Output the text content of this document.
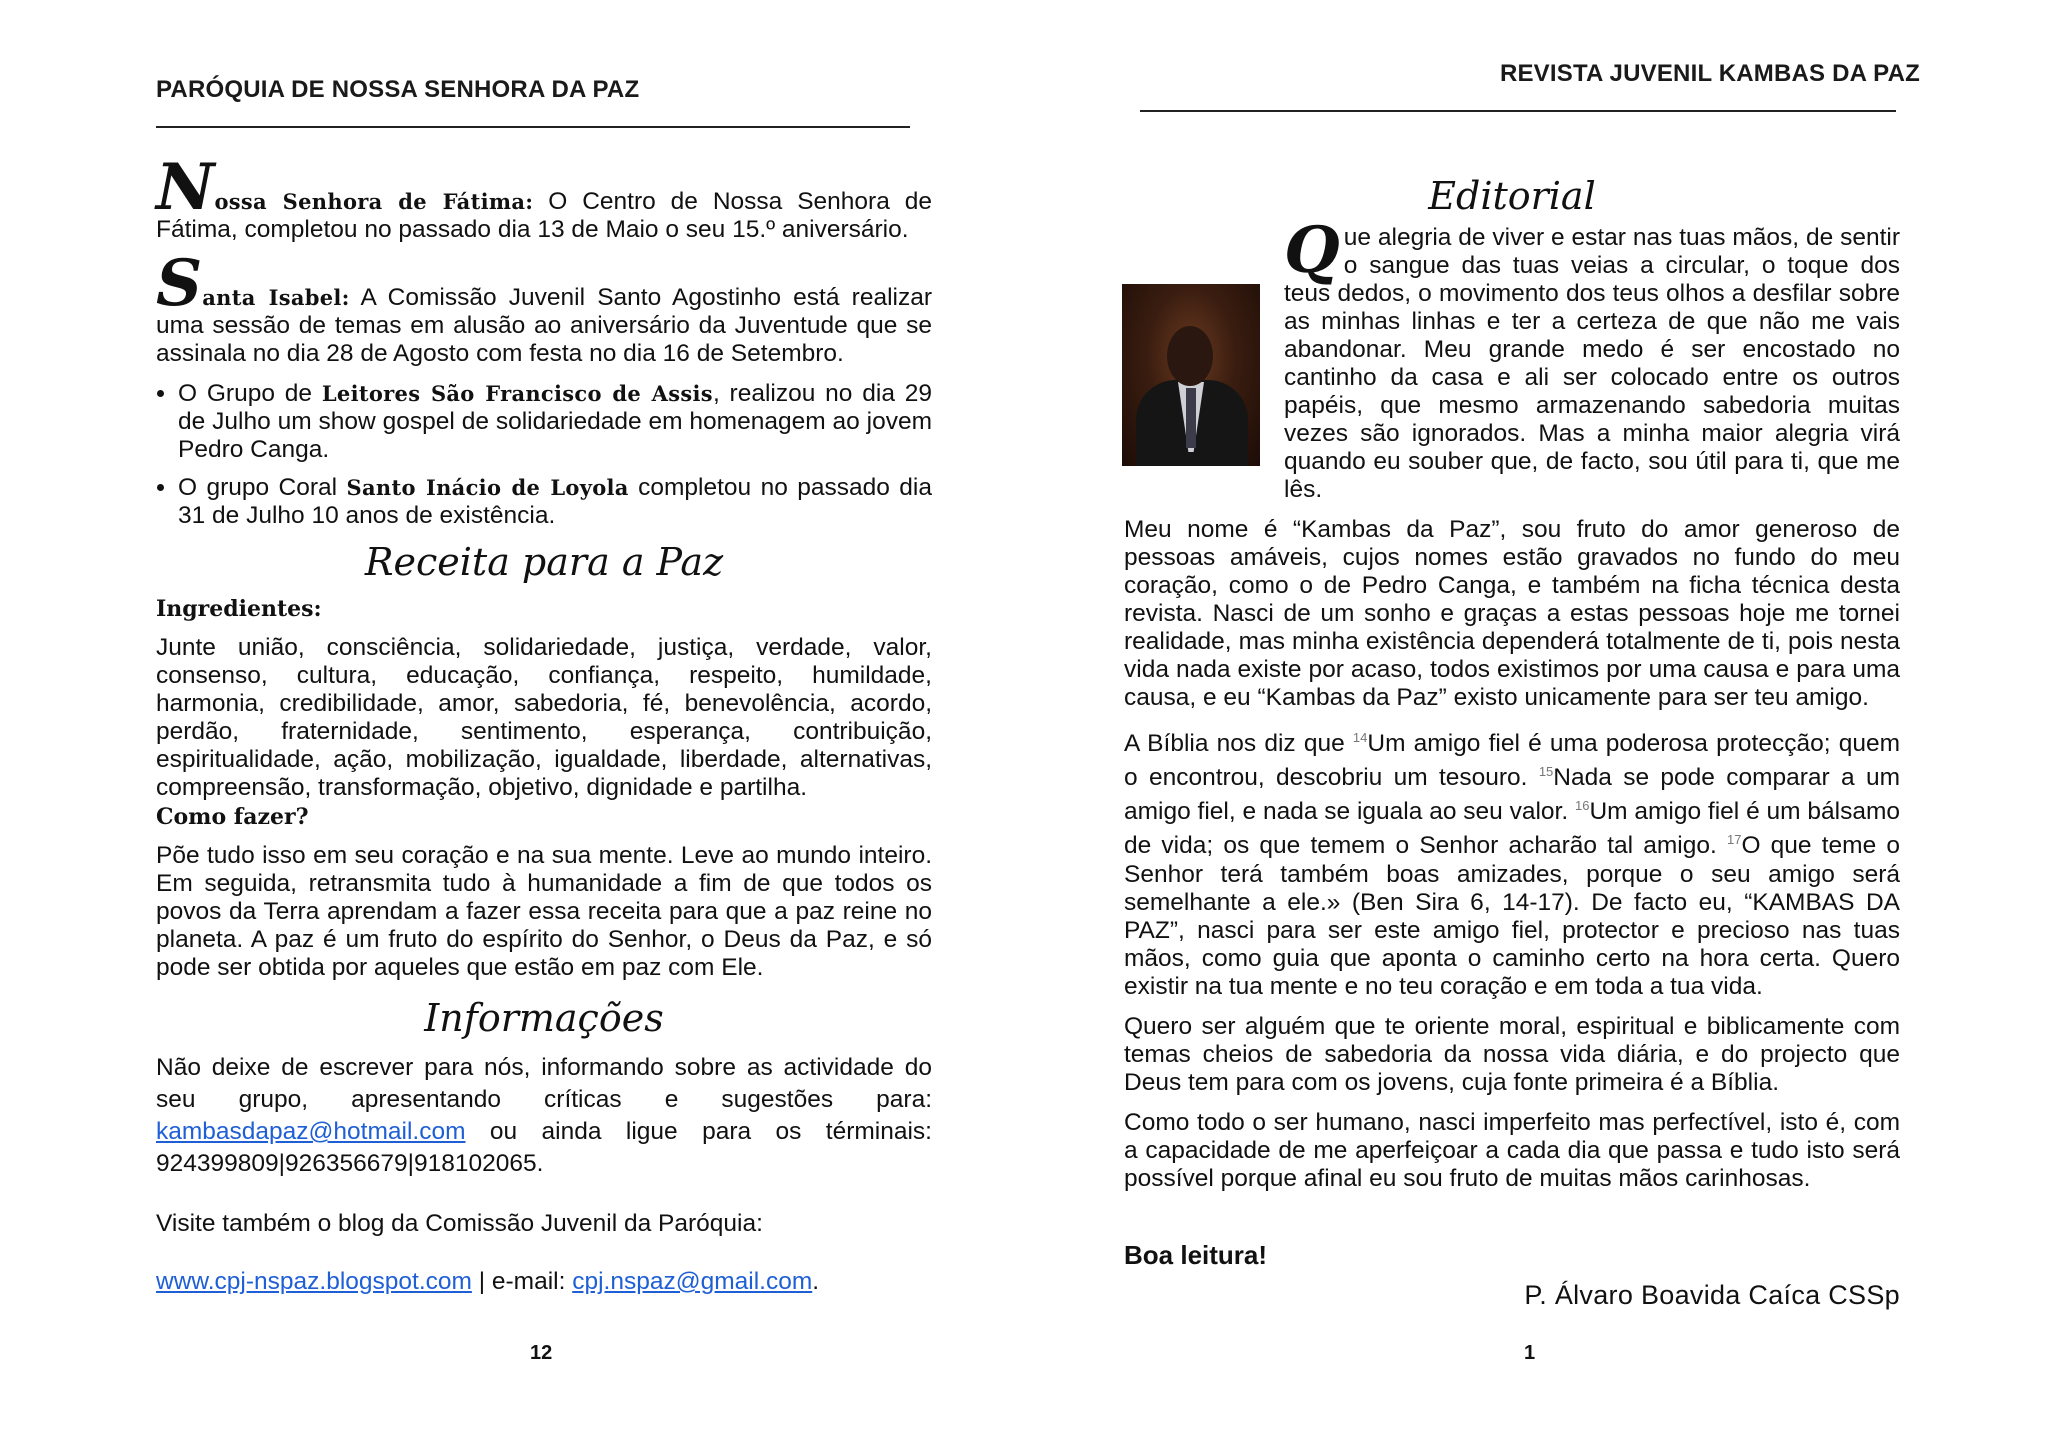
PARÓQUIA DE NOSSA SENHORA DA PAZ

Nossa Senhora de Fátima: O Centro de Nossa Senhora de Fátima, completou no passado dia 13 de Maio o seu 15.º aniversário.

Santa Isabel: A Comissão Juvenil Santo Agostinho está realizar uma sessão de temas em alusão ao aniversário da Juventude que se assinala no dia 28 de Agosto com festa no dia 16 de Setembro.

• O Grupo de Leitores São Francisco de Assis, realizou no dia 29 de Julho um show gospel de solidariedade em homenagem ao jovem Pedro Canga.
• O grupo Coral Santo Inácio de Loyola completou no passado dia 31 de Julho 10 anos de existência.
Receita para a Paz

Ingredientes:

Junte união, consciência, solidariedade, justiça, verdade, valor, consenso, cultura, educação, confiança, respeito, humildade, harmonia, credibilidade, amor, sabedoria, fé, benevolência, acordo, perdão, fraternidade, sentimento, esperança, contribuição, espiritualidade, ação, mobilização, igualdade, liberdade, alternativas, compreensão, transformação, objetivo, dignidade e partilha.

Como fazer?

Põe tudo isso em seu coração e na sua mente. Leve ao mundo inteiro. Em seguida, retransmita tudo à humanidade a fim de que todos os povos da Terra aprendam a fazer essa receita para que a paz reine no planeta. A paz é um fruto do espírito do Senhor, o Deus da Paz, e só pode ser obtida por aqueles que estão em paz com Ele.

Informações

Não deixe de escrever para nós, informando sobre as actividade do seu grupo, apresentando críticas e sugestões para: kambasdapaz@hotmail.com ou ainda ligue para os términais: 924399809|926356679|918102065.

Visite também o blog da Comissão Juvenil da Paróquia:

www.cpj-nspaz.blogspot.com | e-mail: cpj.nspaz@gmail.com.

12
REVISTA JUVENIL KAMBAS DA PAZ
Editorial

Que alegria de viver e estar nas tuas mãos, de sentir o sangue das tuas veias a circular, o toque dos teus dedos, o movimento dos teus olhos a desfilar sobre as minhas linhas e ter a certeza de que não me vais abandonar. Meu grande medo é ser encostado no cantinho da casa e ali ser colocado entre os outros papéis, que mesmo armazenando sabedoria muitas vezes são ignorados. Mas a minha maior alegria virá quando eu souber que, de facto, sou útil para ti, que me lês.

Meu nome é “Kambas da Paz”, sou fruto do amor generoso de pessoas amáveis, cujos nomes estão gravados no fundo do meu coração, como o de Pedro Canga, e também na ficha técnica desta revista. Nasci de um sonho e graças a estas pessoas hoje me tornei realidade, mas minha existência dependerá totalmente de ti, pois nesta vida nada existe por acaso, todos existimos por uma causa e para uma causa, e eu “Kambas da Paz” existo unicamente para ser teu amigo.

A Bíblia nos diz que $^{14}$Um amigo fiel é uma poderosa protecção; quem o encontrou, descobriu um tesouro. $^{15}$Nada se pode comparar a um amigo fiel, e nada se iguala ao seu valor. $^{16}$Um amigo fiel é um bálsamo de vida; os que temem o Senhor acharão tal amigo. $^{17}$O que teme o Senhor terá também boas amizades, porque o seu amigo será semelhante a ele.» (Ben Sira 6, 14-17). De facto eu, “KAMBAS DA PAZ”, nasci para ser este amigo fiel, protector e precioso nas tuas mãos, como guia que aponta o caminho certo na hora certa. Quero existir na tua mente e no teu coração e em toda a tua vida.

Quero ser alguém que te oriente moral, espiritual e biblicamente com temas cheios de sabedoria da nossa vida diária, e do projecto que Deus tem para com os jovens, cuja fonte primeira é a Bíblia.

Como todo o ser humano, nasci imperfeito mas perfectível, isto é, com a capacidade de me aperfeiçoar a cada dia que passa e tudo isto será possível porque afinal eu sou fruto de muitas mãos carinhosas.

Boa leitura!

P. Álvaro Boavida Caíca CSSp

1
